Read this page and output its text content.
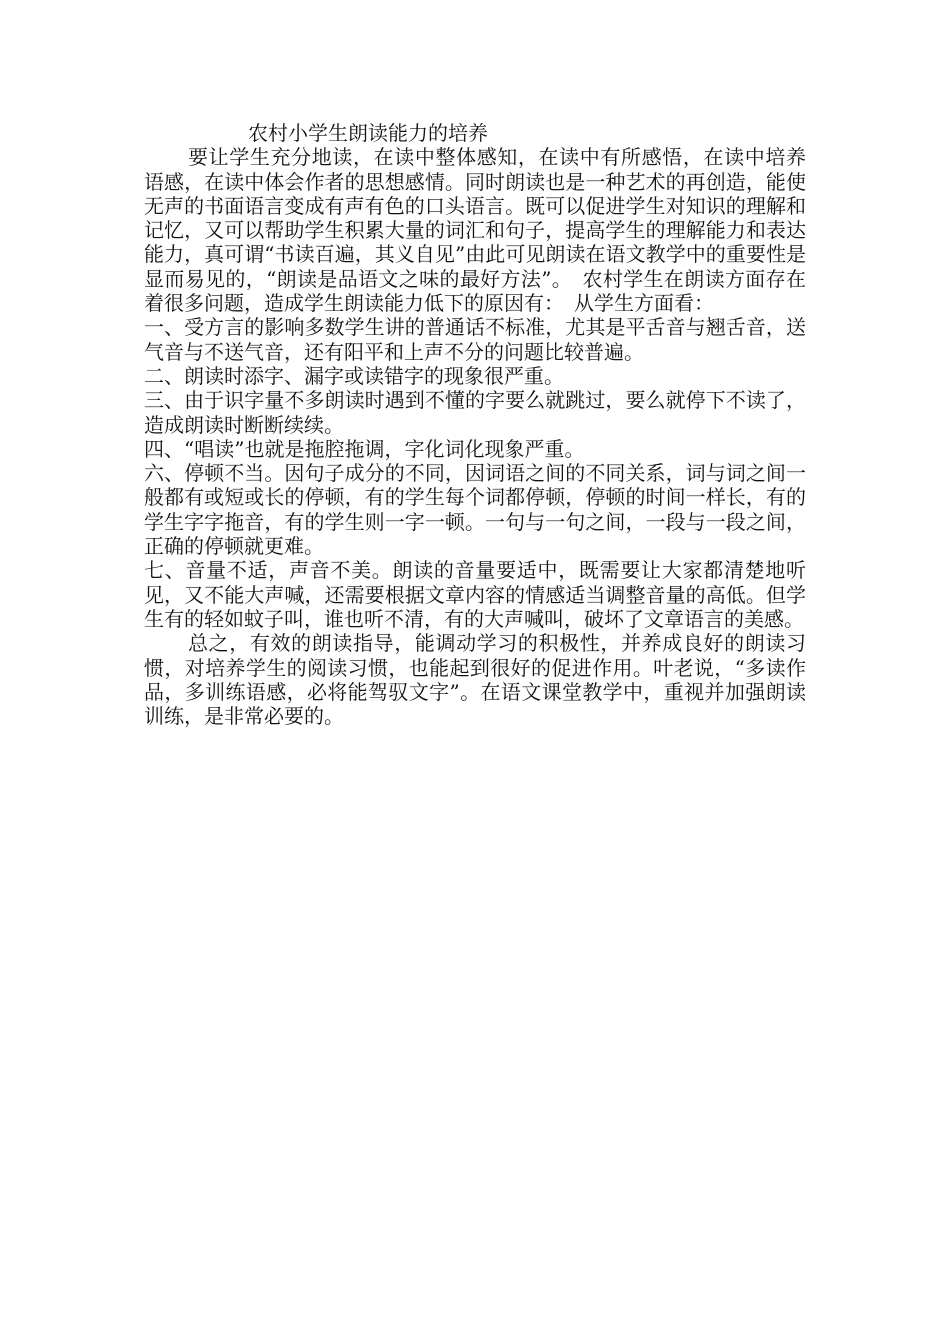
农村小学生朗读能力的培养

要让学生充分地读，在读中整体感知，在读中有所感悟，在读中培养语感，在读中体会作者的思想感情。同时朗读也是一种艺术的再创造，能使无声的书面语言变成有声有色的口头语言。既可以促进学生对知识的理解和记忆，又可以帮助学生积累大量的词汇和句子，提高学生的理解能力和表达能力，真可谓“书读百遍，其义自见”由此可见朗读在语文教学中的重要性是显而易见的，“朗读是品语文之味的最好方法”。　农村学生在朗读方面存在着很多问题，造成学生朗读能力低下的原因有：　从学生方面看：

一、受方言的影响多数学生讲的普通话不标准，尤其是平舌音与翘舌音，送气音与不送气音，还有阳平和上声不分的问题比较普遍。

二、朗读时添字、漏字或读错字的现象很严重。

三、由于识字量不多朗读时遇到不懂的字要么就跳过，要么就停下不读了，造成朗读时断断续续。

四、“唱读”也就是拖腔拖调，字化词化现象严重。

六、停顿不当。因句子成分的不同，因词语之间的不同关系，词与词之间一般都有或短或长的停顿，有的学生每个词都停顿，停顿的时间一样长，有的学生字字拖音，有的学生则一字一顿。一句与一句之间，一段与一段之间，正确的停顿就更难。

七、音量不适，声音不美。朗读的音量要适中，既需要让大家都清楚地听见，又不能大声喊，还需要根据文章内容的情感适当调整音量的高低。但学生有的轻如蚊子叫，谁也听不清，有的大声喊叫，破坏了文章语言的美感。

总之，有效的朗读指导，能调动学习的积极性，并养成良好的朗读习惯，对培养学生的阅读习惯，也能起到很好的促进作用。叶老说，“多读作品，多训练语感，必将能驾驭文字”。在语文课堂教学中，重视并加强朗读训练，是非常必要的。
